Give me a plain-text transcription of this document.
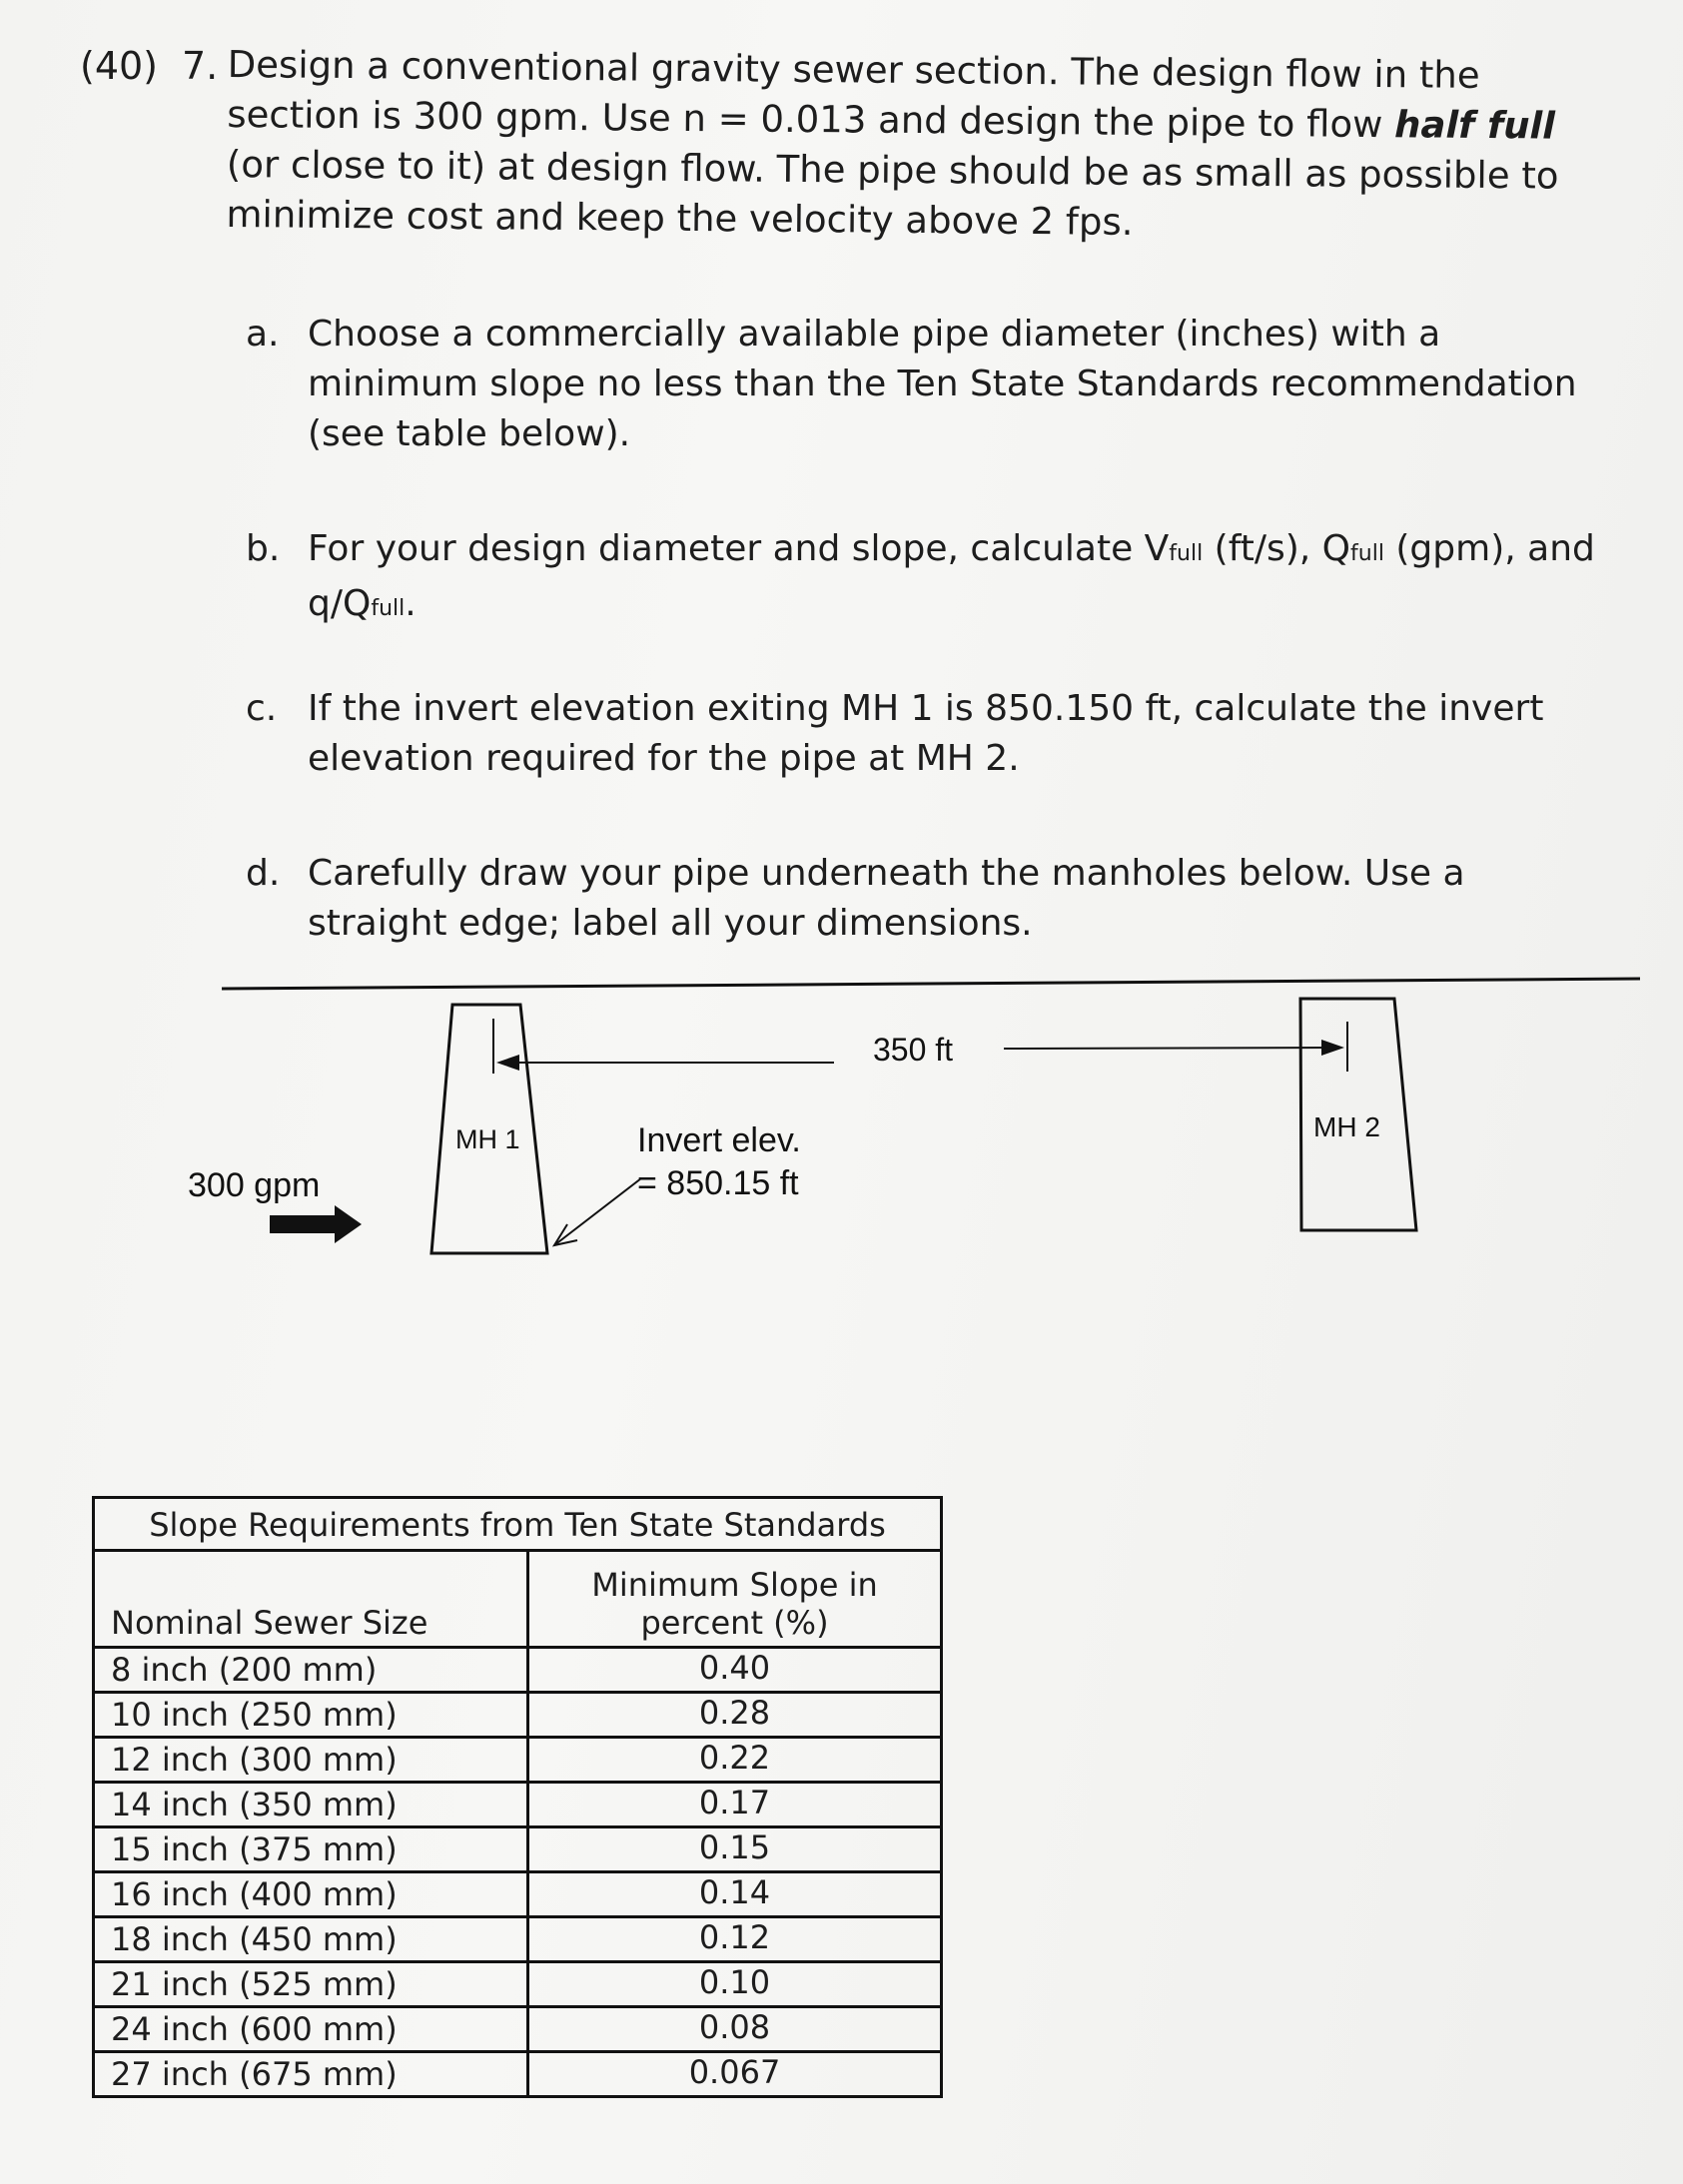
(40) 7. Design a conventional gravity sewer section. The design flow in the section is 300 gpm. Use n = 0.013 and design the pipe to flow half full (or close to it) at design flow. The pipe should be as small as possible to minimize cost and keep the velocity above 2 fps.

a. Choose a commercially available pipe diameter (inches) with a minimum slope no less than the Ten State Standards recommendation (see table below).
b. For your design diameter and slope, calculate Vfull (ft/s), Qfull (gpm), and q/Qfull.
c. If the invert elevation exiting MH 1 is 850.150 ft, calculate the invert elevation required for the pipe at MH 2.
d. Carefully draw your pipe underneath the manholes below. Use a straight edge; label all your dimensions.
MH 1	MH 2
350 ft
300 gpm
Invert elev.
= 850.15 ft
Slope Requirements from Ten State Standards	
Nominal Sewer Size	Minimum Slope in percent (%)
8 inch (200 mm)	0.40
10 inch (250 mm)	0.28
12 inch (300 mm)	0.22
14 inch (350 mm)	0.17
15 inch (375 mm)	0.15
16 inch (400 mm)	0.14
18 inch (450 mm)	0.12
21 inch (525 mm)	0.10
24 inch (600 mm)	0.08
27 inch (675 mm)	0.067
